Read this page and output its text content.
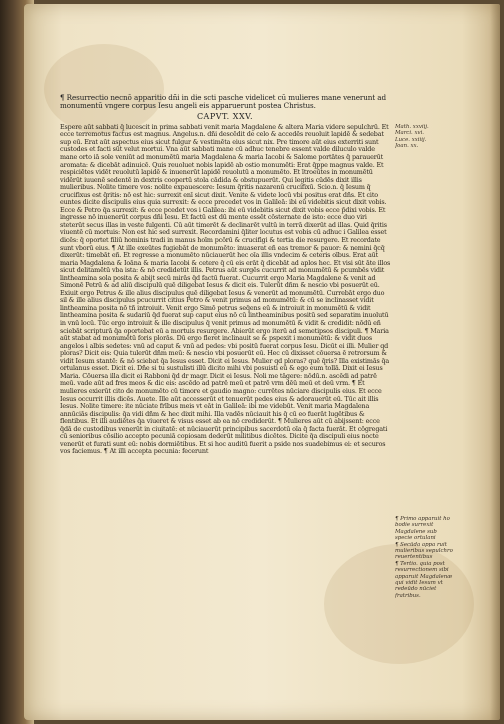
¶ Resurrectio necnō apparitio dñi in die scti pasche videlicet cū mulieres mane venerunt ad monumentū vngere corpus Iesu angeli eis apparuerunt postea Christus.
CAPVT. XXV.
Espere aūt sabbati q̄ lucescit in prima sabbati venit maria Magdalene & altera Maria videre sepulchrū. Et
ecce terremotus factus est magnus. Angelus.n. dñi descēdit de celo & accedēs reuoluit lapidē & sedebat
sup eū. Erat aūt aspectus eius sicut fulgur & vestimēta eius sicut nix. Pre timore aūt eius exterriti sunt
custodes et facti sūt velut mortui. Vna aūt sabbati mane cū adhuc tenebre essent valde diluculo valde
mane orto iā sole veniūt ad monumētū maria Magdalena & maria Iacobi & Salome portātes q̄ parauerūt
aromata: & dicebāt adinuicē. Quis reuoluet nobis lapidē ab ostio monumēti: Erat q̄ppe magnus valde. Et
respiciētes vidēt reuolutū lapidē & inuenerūt lapidē reuolutū a monumēto. Et ītroeūtes in monumētū
vidērūt iuuenē sedentē in dextris coopertū stola cādida & obstupuerūt. Qui legitis cūdēs dixit illis
mulieribus. Nolite timere vos: nolite expauescere: Iesum q̄ritis nazarenū crucifixū. Scio.n. q̄ Iesum q̄
crucifixus est q̄ritis: nō est hic: surrexit enī sicut dixit. Venite & videte locū vbi positus erat dñs. Et cito
euntes dicite discipulis eius quia surrexit: & ecce precedet vos in Galileā: ibi eū videbitis sicut dixit vobis.
Ecce & Petro q̄a surrexit: & ecce pcedet vos i Galilea: ibi eū videbitis sicut dixit vobis ecce p̄dixi vobis. Et
ingresse nō inuenerūt corpus dñi Iesu. Et factū est dū mente essēt cōsternate de isto: ecce duo viri
steterūt secus illas in veste fulgenti. Cū aūt timerēt & declinarēt vultū in terrā dixerūt ad illas. Quid q̄ritis
viuentē cū mortuis: Non est hic sed surrexit. Recordamini q̄liter locutus est vobis cū adhuc i Galilea esset
dicēs: q̄ oportet filiū hominis tradi in manus hoīm pcōrū & crucifigi & tertia die resurgere. Et recordate
sunt vborū eius. ¶ At ille exeūtes fugiebāt de monumēto: inuaserat eñ eas tremor & pauor: & nemini q̄cq̄
dixerūt: timebāt eñ. Et regresse a monumēto nūciauerūt hec oīa illis vndecim & ceteris oībus. Erat aūt
maria Magdalena & Ioāna & maria Iacobi & cetere q̄ cū eis erāt q̄ dicebāt ad aplos hec. Et visi sūt āte illos
sicut delitamētū vba ista: & nō credidetūt illis. Petrus aūt surgēs cucurrit ad monumētū & pcumbēs vidit
lintheamina sola posita & abijt secū mirās q̄d factū fuerat. Cucurrit ergo Maria Magdalene & venit ad
Simonē Petrū & ad aliū discipulū quē diligebat Iesus & dicit eis. Tulerūt dñm & nescio vbi posuerūt eū.
Exiuit ergo Petrus & ille alius discipulus quē diligebat Iesus & venerūt ad monumētū. Currebāt ergo duo
sil & ille alius discipulus pcucurrit citius Petro & venit primus ad monumētū: & cū se inclinasset vidit
lintheamina posita nō tñ introiuit. Venit ergo Simō petrus seq̄ens eū & introiuit in monumētū & vidit
lintheamina posita & sudariū q̄d fuerat sup caput eius nō cū lintheaminibus positū sed separatim inuolutū
in vnū locū. Tūc ergo introiuit & ille discipulus q̄ venit primus ad monumētū & vidit & credidit: nōdū eñ
sciebāt scripturā q̄a oportebat eū a mortuis resurgere. Abierūt ergo iterū ad semetipsos discipuli. ¶ Maria
aūt stabat ad monumētū foris plorās. Dū ergo fleret inclinauit se & pspexit i monumētū: & vidit duos
angelos i albis sedetes: vnū ad caput & vnū ad pedes: vbi positū fuerat corpus Iesu. Dicūt ei illi. Mulier qd
ploras? Dicit eis: Quia tulerūt dñm meū: & nescio vbi posuerūt eū. Hec cū dixisset cōuersa ē retrorsum &
vidit Iesum stantē: & nō sciebat q̄a Iesus esset. Dicit ei Iesus. Mulier qd ploras? quē q̄ris? Illa existimās q̄a
ortulanus esset. Dicit ei. Dñe si tu sustulisti illū dicito mihi vbi posuisti eū & ego eum tollā. Dixit ei Iesus
Maria. Cōuersa illa dicit ei Rabboni q̄d dr magr. Dicit ei Iesus. Noli me tāgere: nōdū.n. ascēdi ad patrē
meū. vade aūt ad fres meos & dic eis: ascēdo ad patrē meū et patrē vrm dēū meū et deū vrm. ¶ Et
mulieres exierūt cito de monumēto cū timore et gaudio magno: currētes nūciare discipulis eius. Et ecce
Iesus occurrit illis dicēs. Auete. Ille aūt accesserūt et tenuerūt pedes eius & adorauerūt eū. Tūc ait illis
Iesus. Nolite timere: ite nūciate frībus meis vt eāt in Galileā: ibi me videbūt. Venit maria Magdalena
annūciās discipulis: q̄a vidi dñm & hec dixit mihi. Illa vadēs nūciauit his q̄ cū eo fuerāt lugētibus &
flentibus. Et illi audiētes q̄a viueret & visus esset ab ea nō crediderūt. ¶ Mulieres aūt cū abijssent: ecce
q̄dā de custodibus venerūt in ciuitatē: et nūciauerūt principibus sacerdotū oīa q̄ facta fuerāt. Et cōgregati
cū senioribus cōsilio accepto pecuniā copiosam dederūt militibus dicētes. Dicite q̄a discipuli eius nocte
venerūt et furati sunt eū: nobis dormiētibus. Et si hoc auditū fuerit a pside nos suadebimus ei: et securos
vos faciemus. ¶ At illi accepta pecunia: fecerunt
Math. xxviij.
Marci. xvi.
Luce. xxiiij.
Joan. xx.
¶ Primo apparuit ho bodie surrexit Magdalene sub specie ortulani
¶ Secūda appa ruit mulieribus sepulchro reuertentibus
¶ Tertio. quia post resurrectionem sibi apparuit Magdalenæ qui vidit Iesum vt redeūdo nūciet fratribus.
